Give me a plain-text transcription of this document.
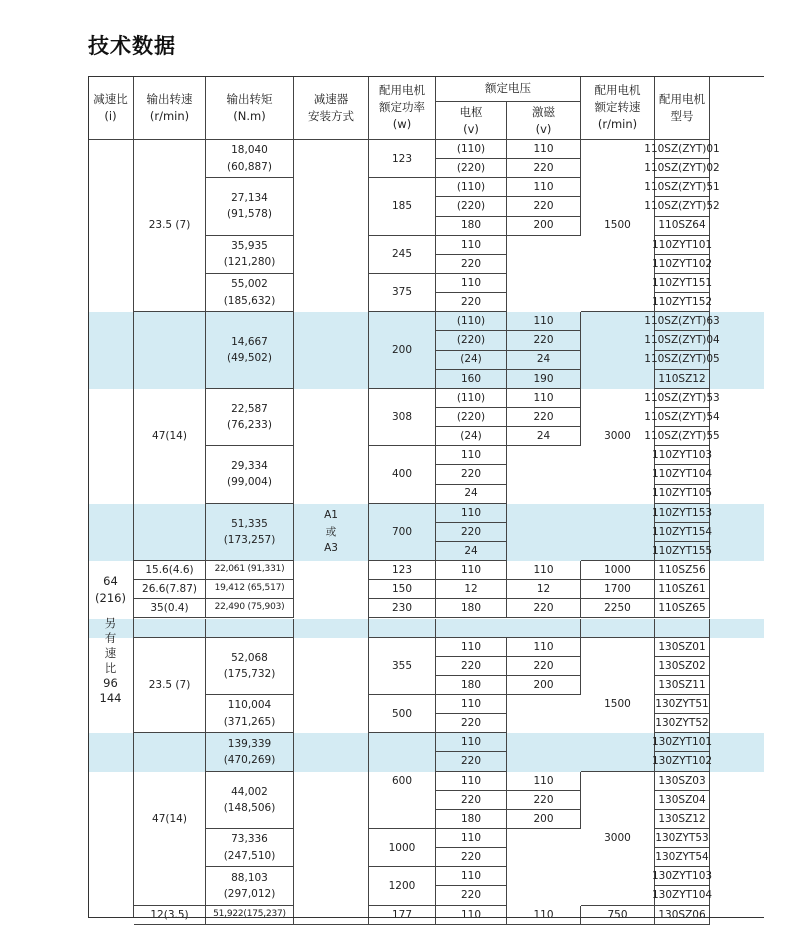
技术数据
减速比
(i)
输出转速
(r/min)
输出转矩
(N.m)
减速器
安装方式
配用电机
额定功率
(w)
额定电压
电枢
(v)
激磁
(v)
配用电机
额定转速
(r/min)
配用电机
型号
64
(216)
另
有
速
比
96
144
23.5 (7)
47(14)
15.6(4.6)
26.6(7.87)
35(0.4)
23.5 (7)
47(14)
12(3.5)
18,040
(60,887)
27,134
(91,578)
35,935
(121,280)
55,002
(185,632)
14,667
(49,502)
22,587
(76,233)
29,334
(99,004)
51,335
(173,257)
22,061 (91,331)
19,412 (65,517)
22,490 (75,903)
52,068
(175,732)
110,004
(371,265)
139,339
(470,269)
44,002
(148,506)
73,336
(247,510)
88,103
(297,012)
51,922(175,237)
A1
或
A3
123
185
245
375
200
308
400
700
123
150
230
355
500
600
1000
1200
177
(110)
(220)
(110)
(220)
180
110
220
110
220
(110)
(220)
(24)
160
(110)
(220)
(24)
110
220
24
110
220
24
110
12
180
110
220
180
110
220
110
220
110
220
180
110
220
110
220
110
110
220
110
220
200
110
220
24
190
110
220
24
110
12
220
110
220
200
110
220
200
110
1500
3000
1000
1700
2250
1500
3000
750
110SZ(ZYT)01
110SZ(ZYT)02
110SZ(ZYT)51
110SZ(ZYT)52
110SZ64
110ZYT101
110ZYT102
110ZYT151
110ZYT152
110SZ(ZYT)63
110SZ(ZYT)04
110SZ(ZYT)05
110SZ12
110SZ(ZYT)53
110SZ(ZYT)54
110SZ(ZYT)55
110ZYT103
110ZYT104
110ZYT105
110ZYT153
110ZYT154
110ZYT155
110SZ56
110SZ61
110SZ65
130SZ01
130SZ02
130SZ11
130ZYT51
130ZYT52
130ZYT101
130ZYT102
130SZ03
130SZ04
130SZ12
130ZYT53
130ZYT54
130ZYT103
130ZYT104
130SZ06
